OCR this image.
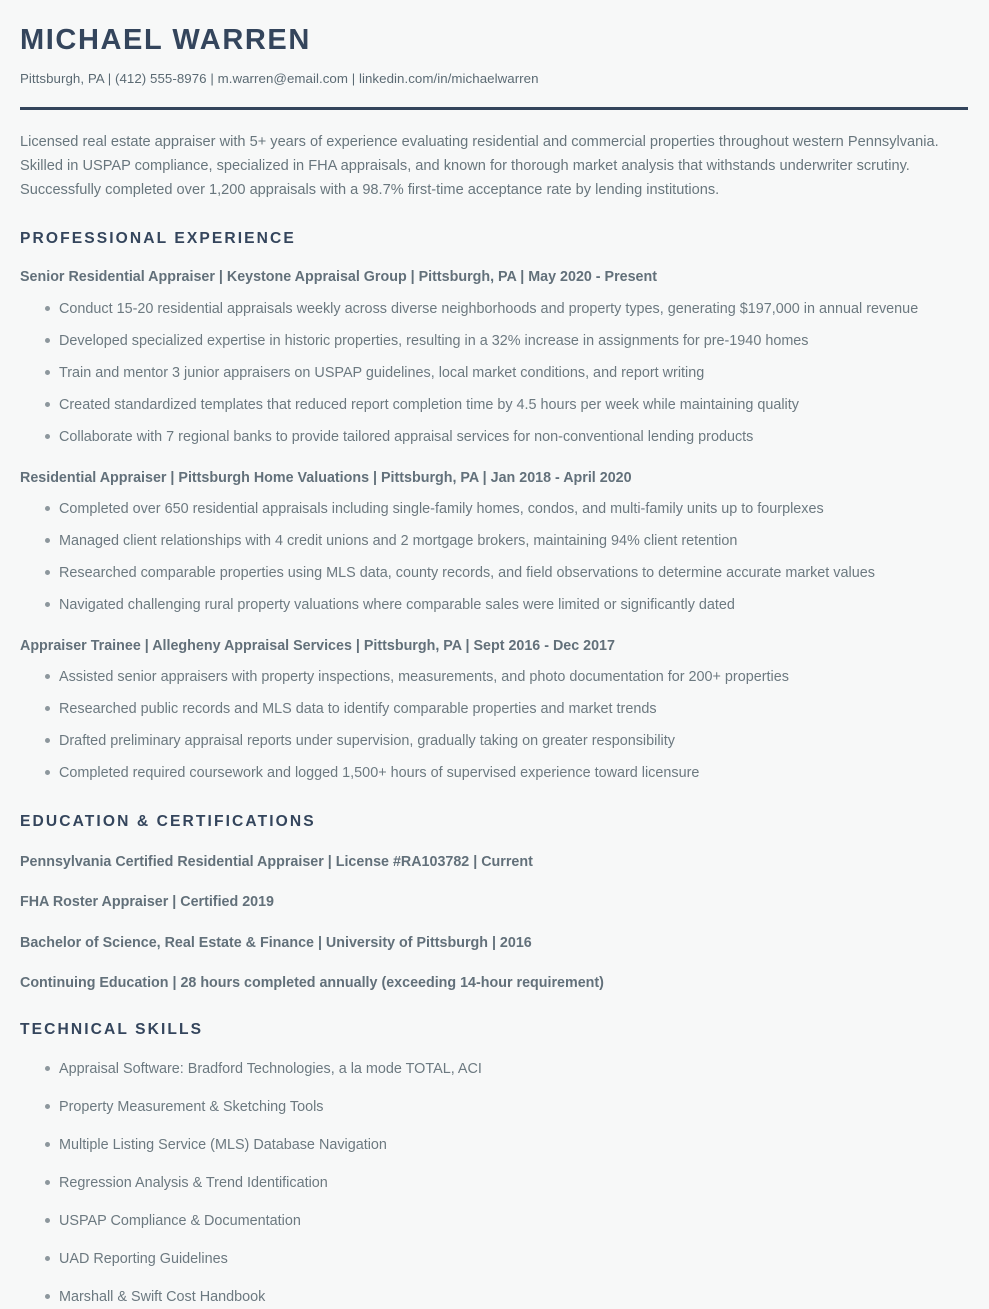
MICHAEL WARREN

Pittsburgh, PA | (412) 555-8976 | m.warren@email.com | linkedin.com/in/michaelwarren

Licensed real estate appraiser with 5+ years of experience evaluating residential and commercial properties throughout western Pennsylvania. Skilled in USPAP compliance, specialized in FHA appraisals, and known for thorough market analysis that withstands underwriter scrutiny. Successfully completed over 1,200 appraisals with a 98.7% first-time acceptance rate by lending institutions.

PROFESSIONAL EXPERIENCE

Senior Residential Appraiser | Keystone Appraisal Group | Pittsburgh, PA | May 2020 - Present

Conduct 15-20 residential appraisals weekly across diverse neighborhoods and property types, generating $197,000 in annual revenue
Developed specialized expertise in historic properties, resulting in a 32% increase in assignments for pre-1940 homes
Train and mentor 3 junior appraisers on USPAP guidelines, local market conditions, and report writing
Created standardized templates that reduced report completion time by 4.5 hours per week while maintaining quality
Collaborate with 7 regional banks to provide tailored appraisal services for non-conventional lending products

Residential Appraiser | Pittsburgh Home Valuations | Pittsburgh, PA | Jan 2018 - April 2020

Completed over 650 residential appraisals including single-family homes, condos, and multi-family units up to fourplexes
Managed client relationships with 4 credit unions and 2 mortgage brokers, maintaining 94% client retention
Researched comparable properties using MLS data, county records, and field observations to determine accurate market values
Navigated challenging rural property valuations where comparable sales were limited or significantly dated

Appraiser Trainee | Allegheny Appraisal Services | Pittsburgh, PA | Sept 2016 - Dec 2017

Assisted senior appraisers with property inspections, measurements, and photo documentation for 200+ properties
Researched public records and MLS data to identify comparable properties and market trends
Drafted preliminary appraisal reports under supervision, gradually taking on greater responsibility
Completed required coursework and logged 1,500+ hours of supervised experience toward licensure
EDUCATION & CERTIFICATIONS
Pennsylvania Certified Residential Appraiser | License #RA103782 | Current
FHA Roster Appraiser | Certified 2019
Bachelor of Science, Real Estate & Finance | University of Pittsburgh | 2016
Continuing Education | 28 hours completed annually (exceeding 14-hour requirement)
TECHNICAL SKILLS
Appraisal Software: Bradford Technologies, a la mode TOTAL, ACI
Property Measurement & Sketching Tools
Multiple Listing Service (MLS) Database Navigation
Regression Analysis & Trend Identification
USPAP Compliance & Documentation
UAD Reporting Guidelines
Marshall & Swift Cost Handbook
